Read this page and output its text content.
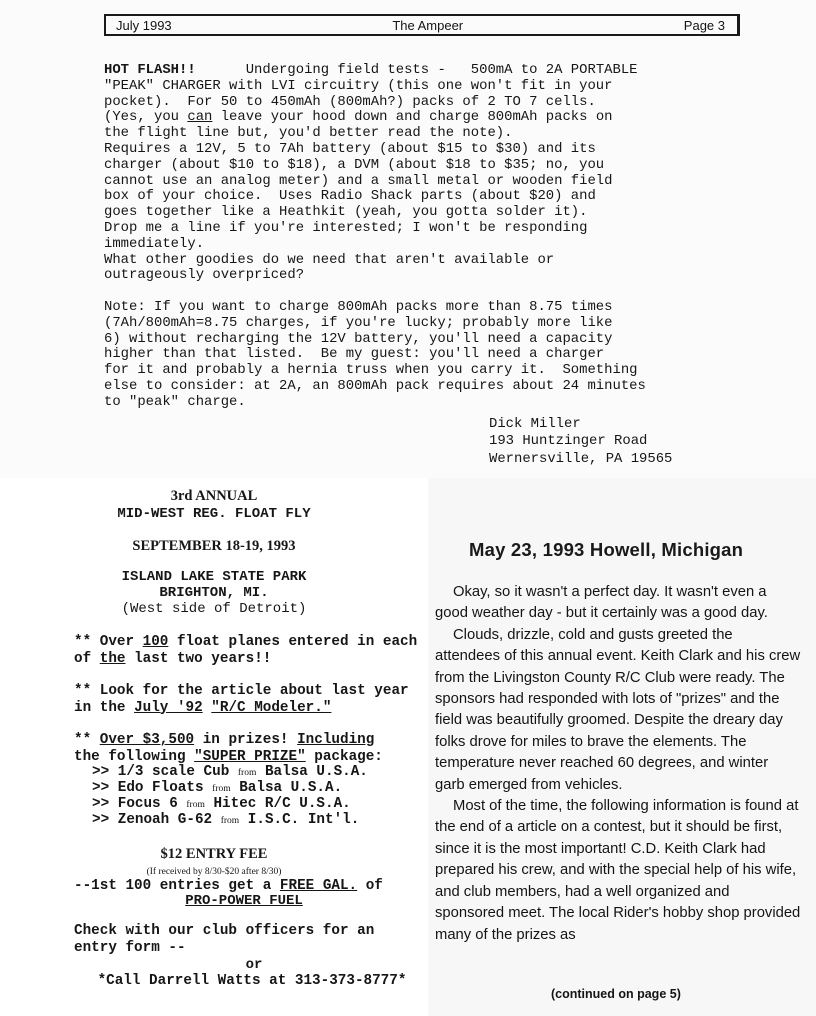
July 1993	The Ampeer	Page 3

HOT FLASH!!      Undergoing field tests -   500mA to 2A PORTABLE

"PEAK" CHARGER with LVI circuitry (this one won't fit in your

pocket).  For 50 to 450mAh (800mAh?) packs of 2 TO 7 cells.

(Yes, you can leave your hood down and charge 800mAh packs on

the flight line but, you'd better read the note).

Requires a 12V, 5 to 7Ah battery (about $15 to $30) and its

charger (about $10 to $18), a DVM (about $18 to $35; no, you

cannot use an analog meter) and a small metal or wooden field

box of your choice.  Uses Radio Shack parts (about $20) and

goes together like a Heathkit (yeah, you gotta solder it).

Drop me a line if you're interested; I won't be responding

immediately.

What other goodies do we need that aren't available or

outrageously overpriced?

Note: If you want to charge 800mAh packs more than 8.75 times

(7Ah/800mAh=8.75 charges, if you're lucky; probably more like

6) without recharging the 12V battery, you'll need a capacity

higher than that listed.  Be my guest: you'll need a charger

for it and probably a hernia truss when you carry it.  Something

else to consider: at 2A, an 800mAh pack requires about 24 minutes

to "peak" charge.

Dick Miller
193 Huntzinger Road
Wernersville, PA 19565
3rd ANNUAL
MID-WEST REG. FLOAT FLY
SEPTEMBER 18-19, 1993
ISLAND LAKE STATE PARK
BRIGHTON, MI.
(West side of Detroit)
** Over 100 float planes entered in each of the last two years!!
** Look for the article about last year in the July '92 "R/C Modeler."
** Over $3,500 in prizes! Including
the following "SUPER PRIZE" package:
>> 1/3 scale Cub from Balsa U.S.A.
>> Edo Floats from Balsa U.S.A.
>> Focus 6 from Hitec R/C U.S.A.
>> Zenoah G-62 from I.S.C. Int'l.
$12 ENTRY FEE
(If received by 8/30-$20 after 8/30)
--1st 100 entries get a FREE GAL. of
PRO-POWER FUEL
Check with our club officers for an entry form --
or
*Call Darrell Watts at 313-373-8777*
May 23, 1993 Howell, Michigan

Okay, so it wasn't a perfect day. It wasn't even a good weather day - but it certainly was a good day.

Clouds, drizzle, cold and gusts greeted the attendees of this annual event. Keith Clark and his crew from the Livingston County R/C Club were ready. The sponsors had responded with lots of "prizes" and the field was beautifully groomed. Despite the dreary day folks drove for miles to brave the elements. The temperature never reached 60 degrees, and winter garb emerged from vehicles.

Most of the time, the following information is found at the end of a article on a contest, but it should be first, since it is the most important! C.D. Keith Clark had prepared his crew, and with the special help of his wife, and club members, had a well organized and sponsored meet. The local Rider's hobby shop provided many of the prizes as

(continued on page 5)
